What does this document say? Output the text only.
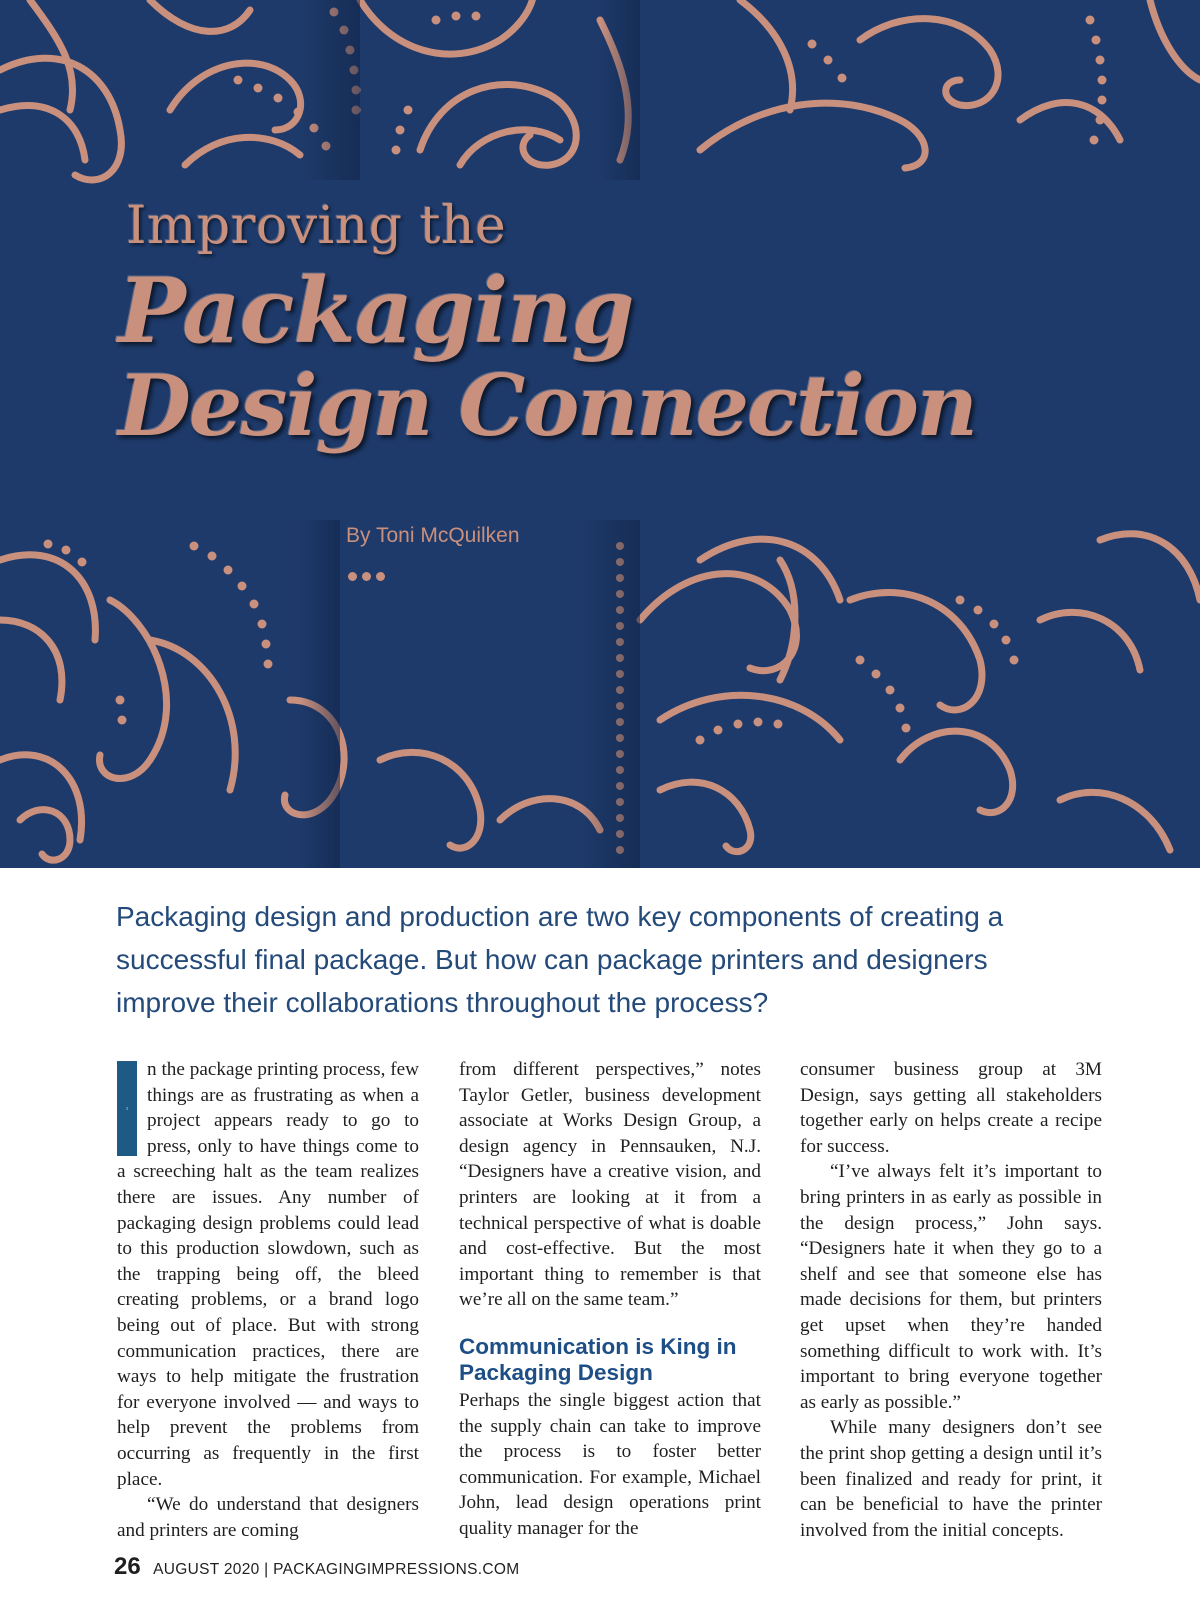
Improving the
Packaging
Design Connection
By Toni McQuilken
Packaging design and production are two key components of creating a successful final package. But how can package printers and designers improve their collaborations throughout the process?

I
n the package printing process, few things are as frustrating as when a project appears ready to go to press, only to have things come to a screeching halt as the team realizes there are issues. Any number of packaging design problems could lead to this production slowdown, such as the trapping being off, the bleed creating problems, or a brand logo being out of place. But with strong communication practices, there are ways to help mitigate the frustration for everyone involved — and ways to help prevent the problems from occurring as frequently in the first place.

“We do understand that designers and printers are coming

from different perspectives,” notes Taylor Getler, business development associate at Works Design Group, a design agency in Pennsauken, N.J. “Designers have a creative vision, and printers are looking at it from a technical perspective of what is doable and cost-effective. But the most important thing to remember is that we’re all on the same team.”

Communication is King in Packaging Design

Perhaps the single biggest action that the supply chain can take to improve the process is to foster better communication. For example, Michael John, lead design operations print quality manager for the

consumer business group at 3M Design, says getting all stakeholders together early on helps create a recipe for success.

“I’ve always felt it’s important to bring printers in as early as possible in the design process,” John says. “Designers hate it when they go to a shelf and see that someone else has made decisions for them, but printers get upset when they’re handed something difficult to work with. It’s important to bring everyone together as early as possible.”

While many designers don’t see the print shop getting a design until it’s been finalized and ready for print, it can be beneficial to have the printer involved from the initial concepts.

26 AUGUST 2020 | PACKAGINGIMPRESSIONS.COM
